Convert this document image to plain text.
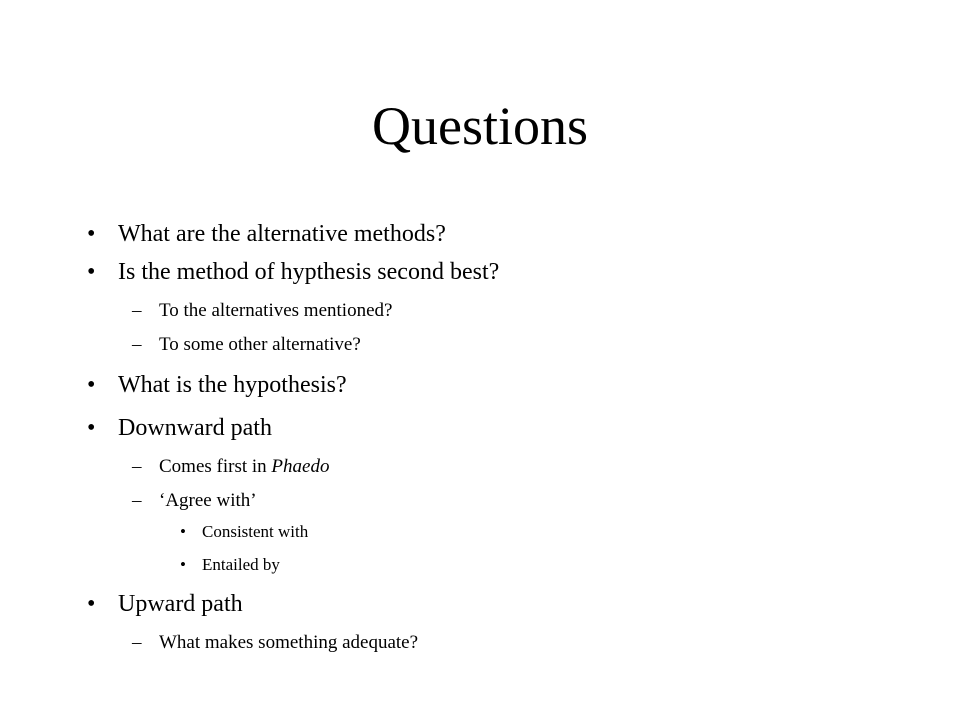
Questions
• What are the alternative methods?
• Is the method of hypthesis second best?
– To the alternatives mentioned?
– To some other alternative?
• What is the hypothesis?
• Downward path
– Comes first in Phaedo
– ‘Agree with’
• Consistent with
• Entailed by
• Upward path
– What makes something adequate?
